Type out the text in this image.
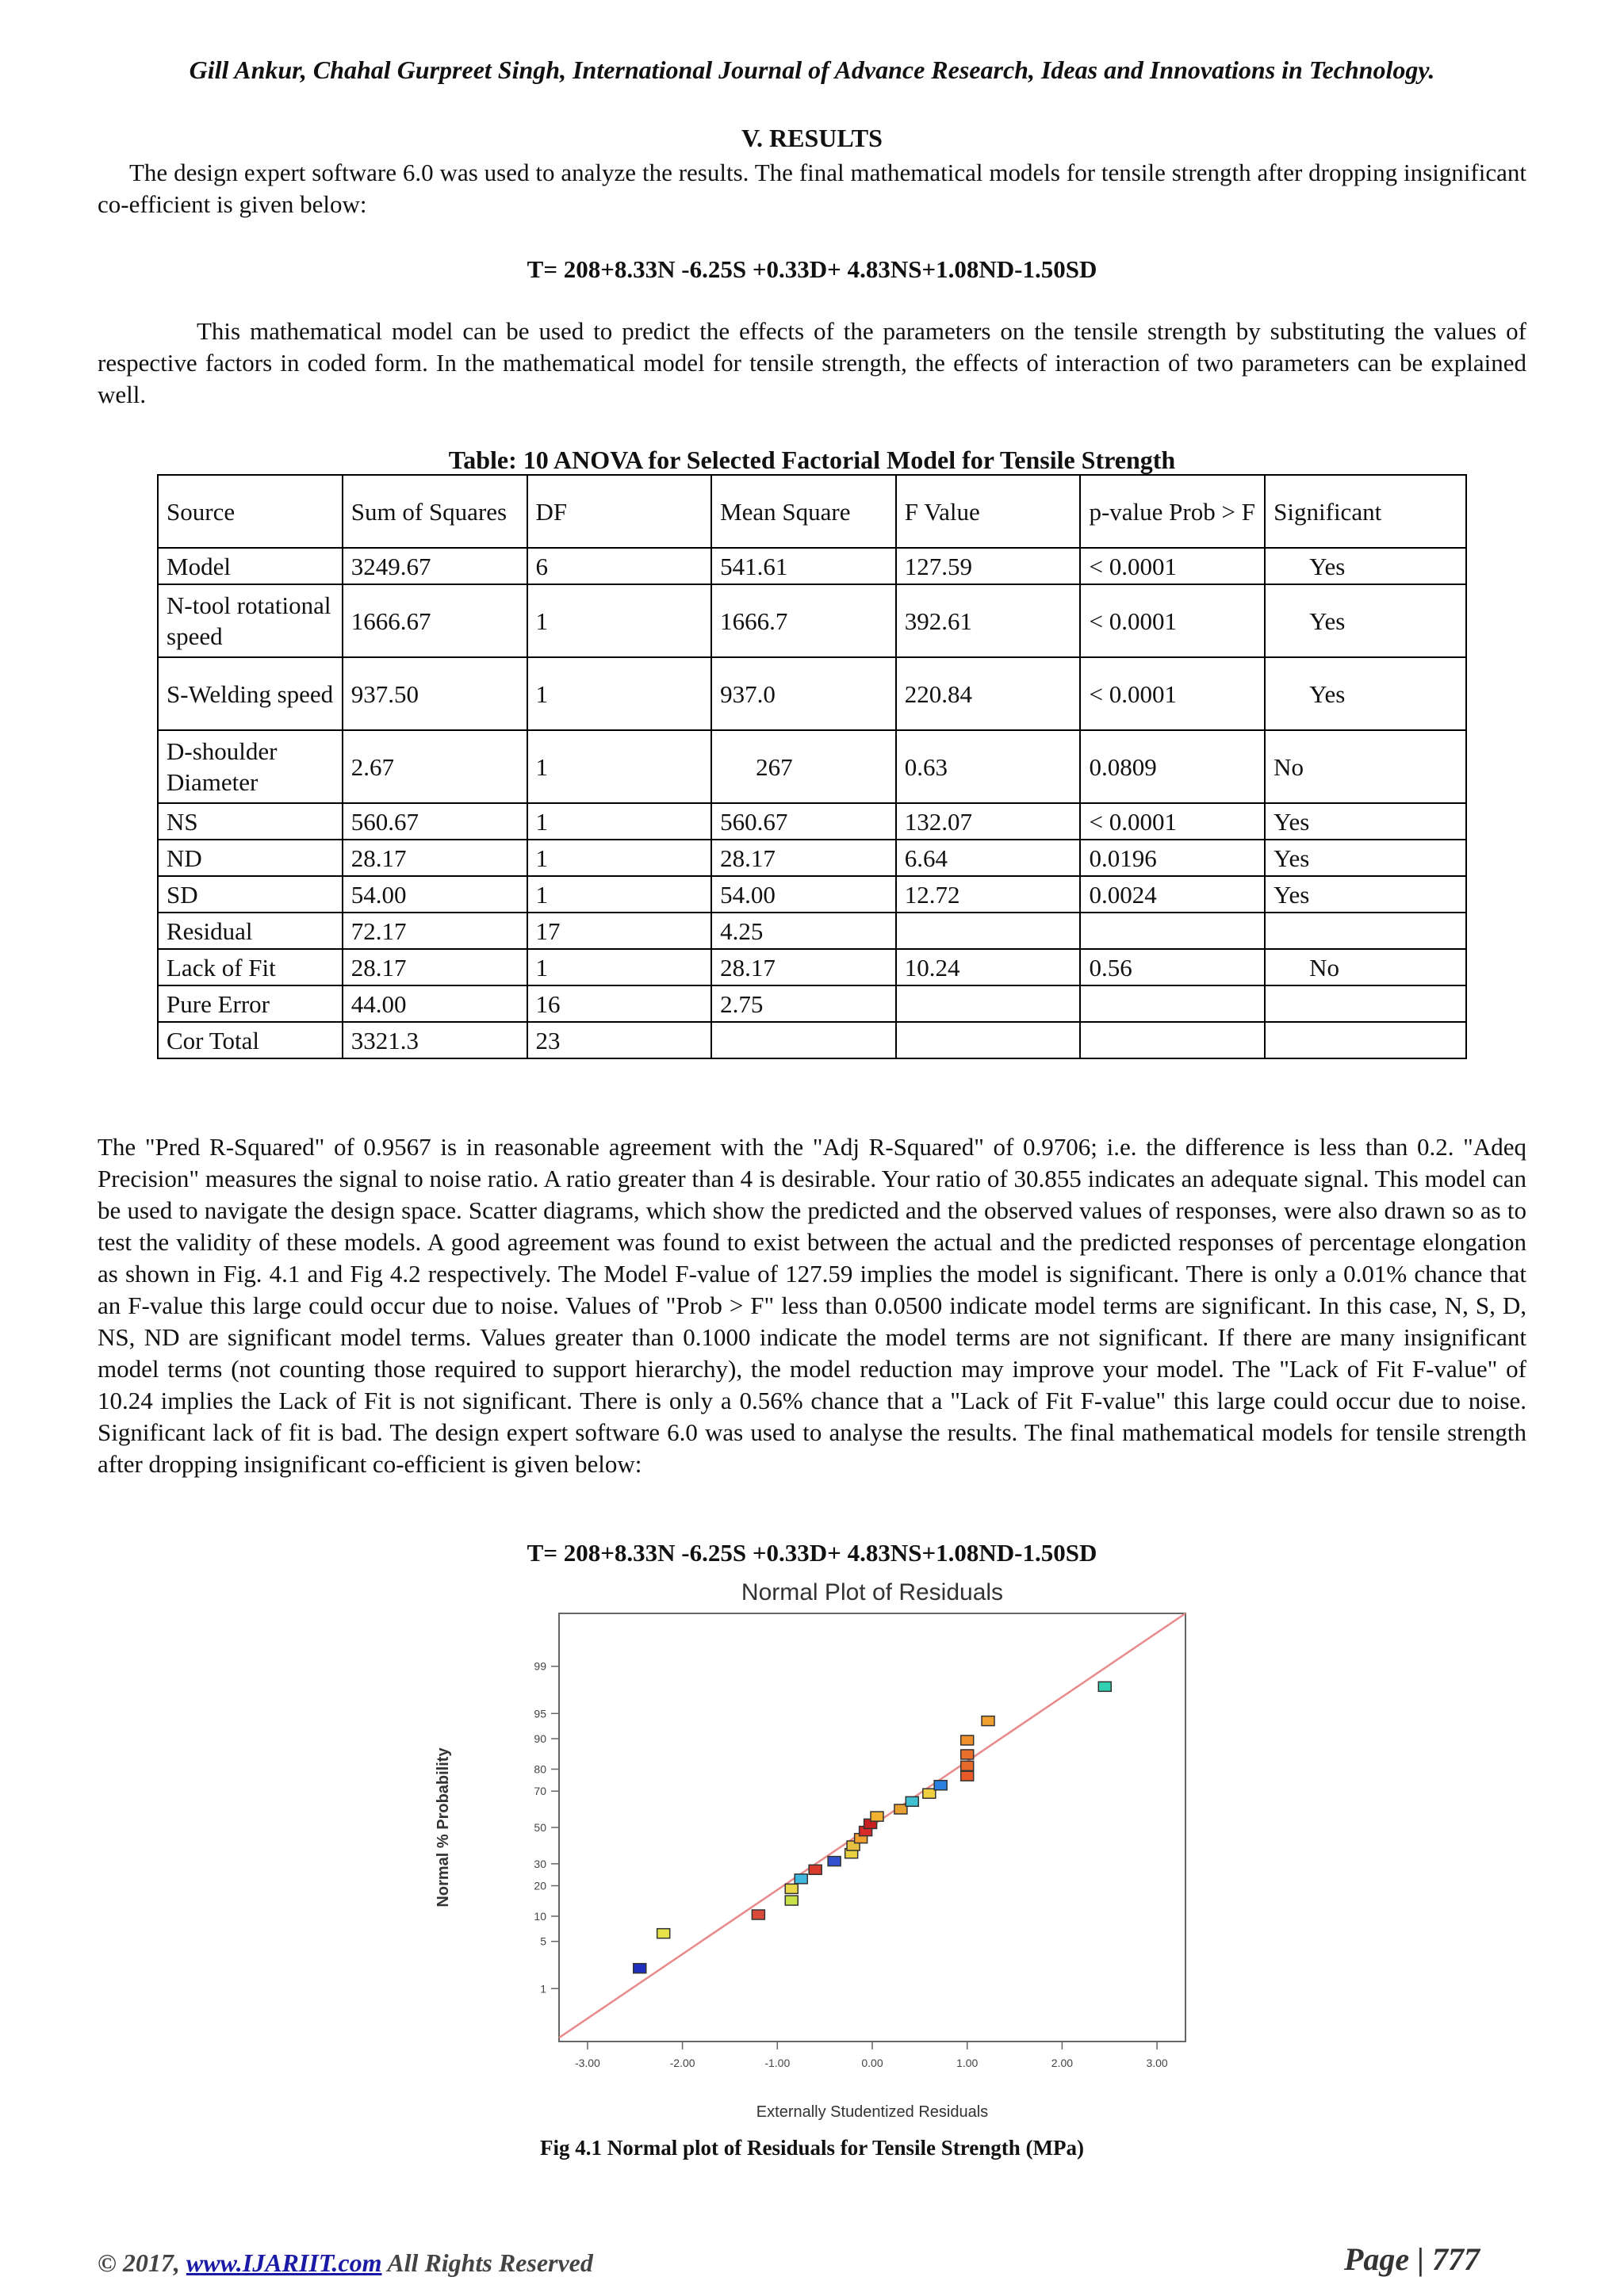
Gill Ankur, Chahal Gurpreet Singh, International Journal of Advance Research, Ideas and Innovations in Technology.
V. RESULTS

The design expert software 6.0 was used to analyze the results. The final mathematical models for tensile strength after dropping insignificant co-efficient is given below:

T= 208+8.33N -6.25S +0.33D+ 4.83NS+1.08ND-1.50SD

This mathematical model can be used to predict the effects of the parameters on the tensile strength by substituting the values of respective factors in coded form. In the mathematical model for tensile strength, the effects of interaction of two parameters can be explained well.

Table: 10 ANOVA for Selected Factorial Model for Tensile Strength
Source	Sum of Squares	DF	Mean Square	F Value	p-value Prob > F	Significant
Model	3249.67	6	541.61	127.59	< 0.0001	Yes
N-tool rotational speed	1666.67	1	1666.7	392.61	< 0.0001	Yes
S-Welding speed	937.50	1	937.0	220.84	< 0.0001	Yes
D-shoulder Diameter	2.67	1	267	0.63	0.0809	No
NS	560.67	1	560.67	132.07	< 0.0001	Yes
ND	28.17	1	28.17	6.64	0.0196	Yes
SD	54.00	1	54.00	12.72	0.0024	Yes
Residual	72.17	17	4.25			
Lack of Fit	28.17	1	28.17	10.24	0.56	No
Pure Error	44.00	16	2.75			
Cor Total	3321.3	23				

The "Pred R-Squared" of 0.9567 is in reasonable agreement with the "Adj R-Squared" of 0.9706; i.e. the difference is less than 0.2. "Adeq Precision" measures the signal to noise ratio. A ratio greater than 4 is desirable. Your ratio of 30.855 indicates an adequate signal. This model can be used to navigate the design space. Scatter diagrams, which show the predicted and the observed values of responses, were also drawn so as to test the validity of these models. A good agreement was found to exist between the actual and the predicted responses of percentage elongation as shown in Fig. 4.1 and Fig 4.2 respectively. The Model F-value of 127.59 implies the model is significant. There is only a 0.01% chance that an F-value this large could occur due to noise. Values of "Prob > F" less than 0.0500 indicate model terms are significant. In this case, N, S, D, NS, ND are significant model terms. Values greater than 0.1000 indicate the model terms are not significant. If there are many insignificant model terms (not counting those required to support hierarchy), the model reduction may improve your model. The "Lack of Fit F-value" of 10.24 implies the Lack of Fit is not significant. There is only a 0.56% chance that a "Lack of Fit F-value" this large could occur due to noise. Significant lack of fit is bad. The design expert software 6.0 was used to analyse the results. The final mathematical models for tensile strength after dropping insignificant co-efficient is given below:

T= 208+8.33N -6.25S +0.33D+ 4.83NS+1.08ND-1.50SD
Normal Plot of Residuals
1
5
10
20
30
50
70
80
90
95
99
-3.00	-2.00	-1.00	0.00	1.00	2.00	3.00
Normal % Probability
Externally Studentized Residuals
Fig 4.1 Normal plot of Residuals for Tensile Strength (MPa)
© 2017, www.IJARIIT.com All Rights Reserved	Page | 777
